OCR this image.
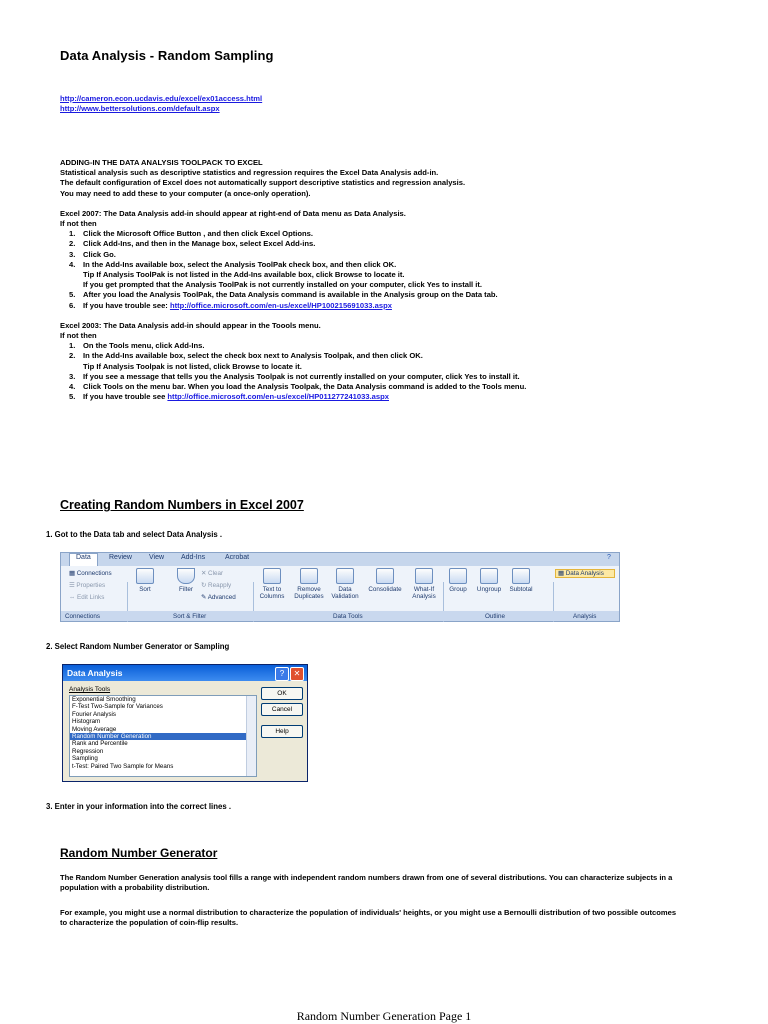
Data Analysis - Random Sampling
http://cameron.econ.ucdavis.edu/excel/ex01access.html
http://www.bettersolutions.com/default.aspx
ADDING-IN THE DATA ANALYSIS TOOLPACK TO EXCEL
Statistical analysis such as descriptive statistics and regression requires the Excel Data Analysis add-in.
The default configuration of Excel does not automatically support descriptive statistics and regression analysis.
You may need to add these to your computer (a once-only operation).
Excel 2007: The Data Analysis add-in should appear at right-end of Data menu as Data Analysis.
If not then
1. Click the Microsoft Office Button , and then click Excel Options.
2. Click Add-Ins, and then in the Manage box, select Excel Add-ins.
3. Click Go.
4. In the Add-Ins available box, select the Analysis ToolPak check box, and then click OK.
Tip If Analysis ToolPak is not listed in the Add-Ins available box, click Browse to locate it.
If you get prompted that the Analysis ToolPak is not currently installed on your computer, click Yes to install it.
5. After you load the Analysis ToolPak, the Data Analysis command is available in the Analysis group on the Data tab.
6. If you have trouble see: http://office.microsoft.com/en-us/excel/HP100215691033.aspx
Excel 2003: The Data Analysis add-in should appear in the Toools menu.
If not then
1. On the Tools menu, click Add-Ins.
2. In the Add-Ins available box, select the check box next to Analysis Toolpak, and then click OK.
Tip If Analysis Toolpak is not listed, click Browse to locate it.
3. If you see a message that tells you the Analysis Toolpak is not currently installed on your computer, click Yes to install it.
4. Click Tools on the menu bar. When you load the Analysis Toolpak, the Data Analysis command is added to the Tools menu.
5. If you have trouble see http://office.microsoft.com/en-us/excel/HP011277241033.aspx
Creating Random Numbers in Excel 2007
1. Got to the Data tab and select Data Analysis .
Data	Review View Add-Ins	Acrobat	?
▦ Connections
☰ Properties
⇔ Edit Links
Sort	Filter
✕ Clear
↻ Reapply
✎ Advanced
Text to Columns
Remove Duplicates
Data Validation
Consolidate	What-If Analysis
Group	Ungroup	Subtotal
▦ Data Analysis
Connections	Sort & Filter	Data Tools	Outline	Analysis
2. Select Random Number Generator or Sampling
Data Analysis	?	✕
Analysis Tools
Exponential Smoothing
F-Test Two-Sample for Variances
Fourier Analysis
Histogram
Moving Average
Random Number Generation
Rank and Percentile
Regression
Sampling
t-Test: Paired Two Sample for Means
OK
Cancel
Help
3. Enter in your information into the correct lines .
Random Number Generator
The Random Number Generation analysis tool fills a range with independent random numbers drawn from one of several distributions. You can characterize subjects in a population with a probability distribution.
For example, you might use a normal distribution to characterize the population of individuals' heights, or you might use a Bernoulli distribution of two possible outcomes to characterize the population of coin-flip results.
Random Number Generation Page 1
